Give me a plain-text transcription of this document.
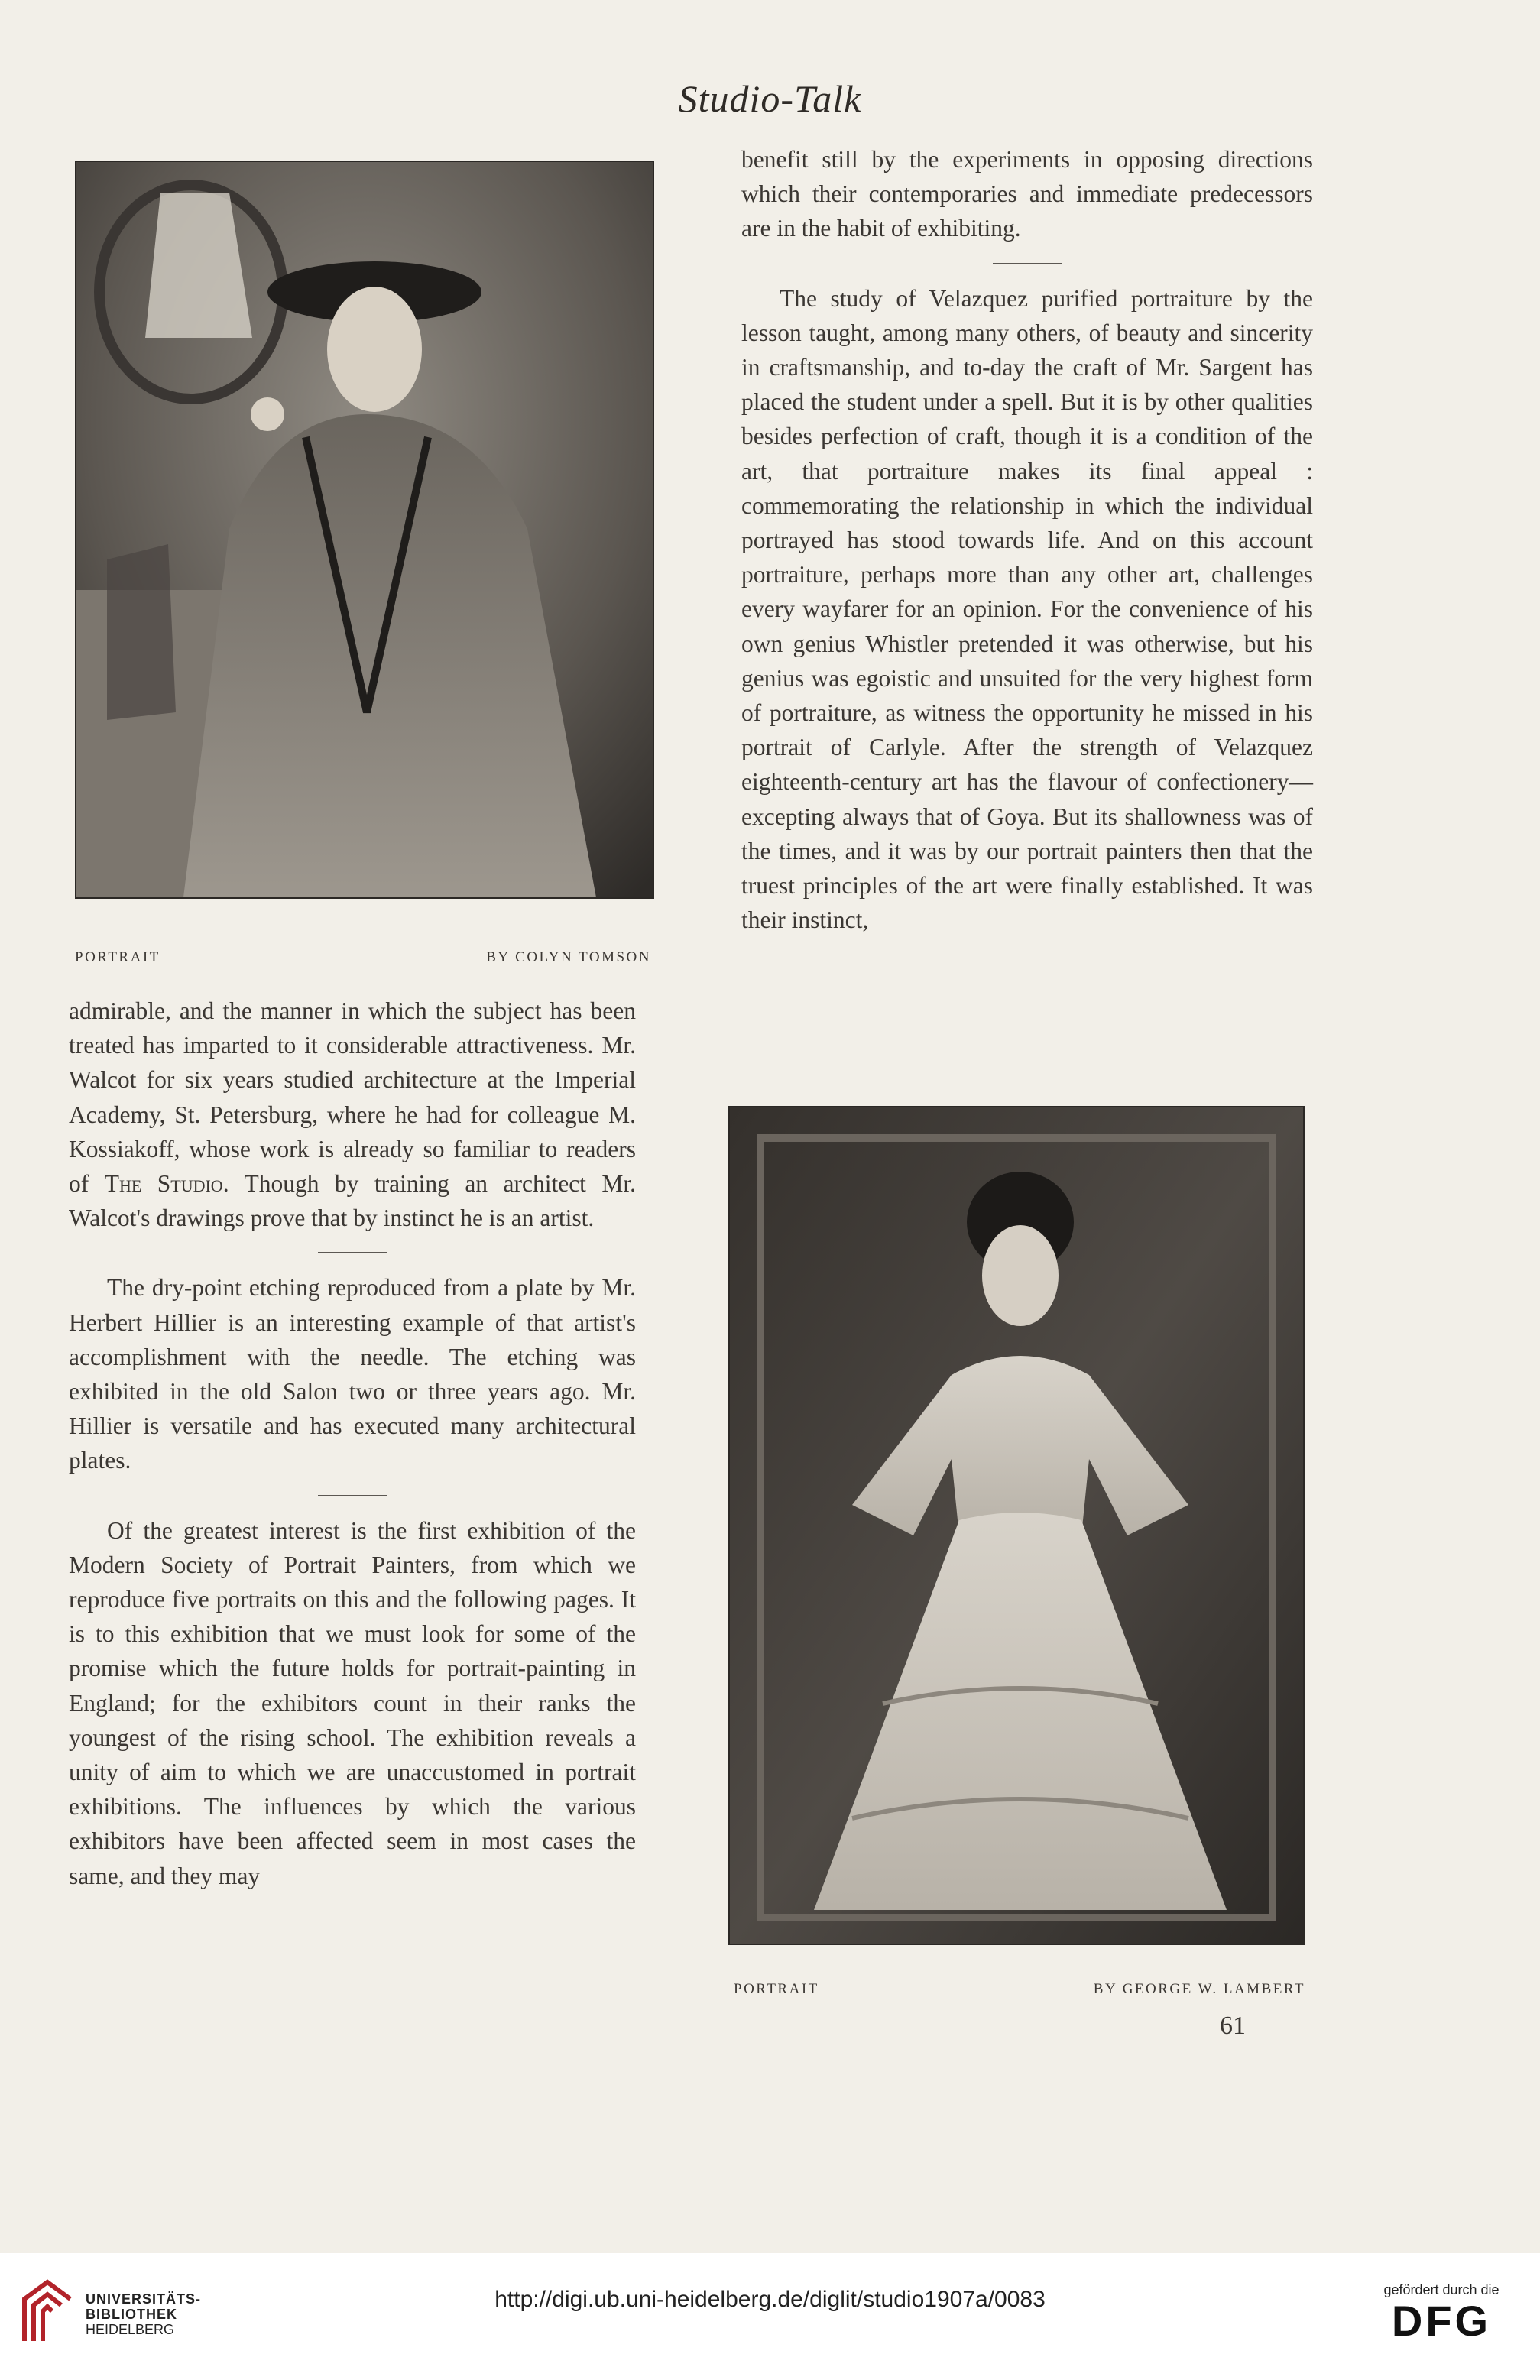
Studio-Talk
PORTRAIT	BY COLYN TOMSON

benefit still by the experiments in opposing directions which their contemporaries and immediate predecessors are in the habit of exhibiting.

The study of Velazquez purified portraiture by the lesson taught, among many others, of beauty and sincerity in craftsmanship, and to-day the craft of Mr. Sargent has placed the student under a spell. But it is by other qualities besides perfection of craft, though it is a condition of the art, that portraiture makes its final appeal : commemorating the relationship in which the individual portrayed has stood towards life. And on this account portraiture, perhaps more than any other art, challenges every wayfarer for an opinion. For the convenience of his own genius Whistler pretended it was otherwise, but his genius was egoistic and unsuited for the very highest form of portraiture, as witness the opportunity he missed in his portrait of Carlyle. After the strength of Velazquez eighteenth-century art has the flavour of confectionery—excepting always that of Goya. But its shallowness was of the times, and it was by our portrait painters then that the truest principles of the art were finally established. It was their instinct,

PORTRAIT	BY GEORGE W. LAMBERT

admirable, and the manner in which the subject has been treated has imparted to it considerable attractiveness. Mr. Walcot for six years studied architecture at the Imperial Academy, St. Petersburg, where he had for colleague M. Kossiakoff, whose work is already so familiar to readers of The Studio. Though by training an architect Mr. Walcot's drawings prove that by instinct he is an artist.

The dry-point etching reproduced from a plate by Mr. Herbert Hillier is an interesting example of that artist's accomplishment with the needle. The etching was exhibited in the old Salon two or three years ago. Mr. Hillier is versatile and has executed many architectural plates.

Of the greatest interest is the first exhibition of the Modern Society of Portrait Painters, from which we reproduce five portraits on this and the following pages. It is to this exhibition that we must look for some of the promise which the future holds for portrait-painting in England; for the exhibitors count in their ranks the youngest of the rising school. The exhibition reveals a unity of aim to which we are unaccustomed in portrait exhibitions. The influences by which the various exhibitors have been affected seem in most cases the same, and they may

61
UNIVERSITÄTS-
BIBLIOTHEK
HEIDELBERG
http://digi.ub.uni-heidelberg.de/diglit/studio1907a/0083	gefördert durch die
DFG
